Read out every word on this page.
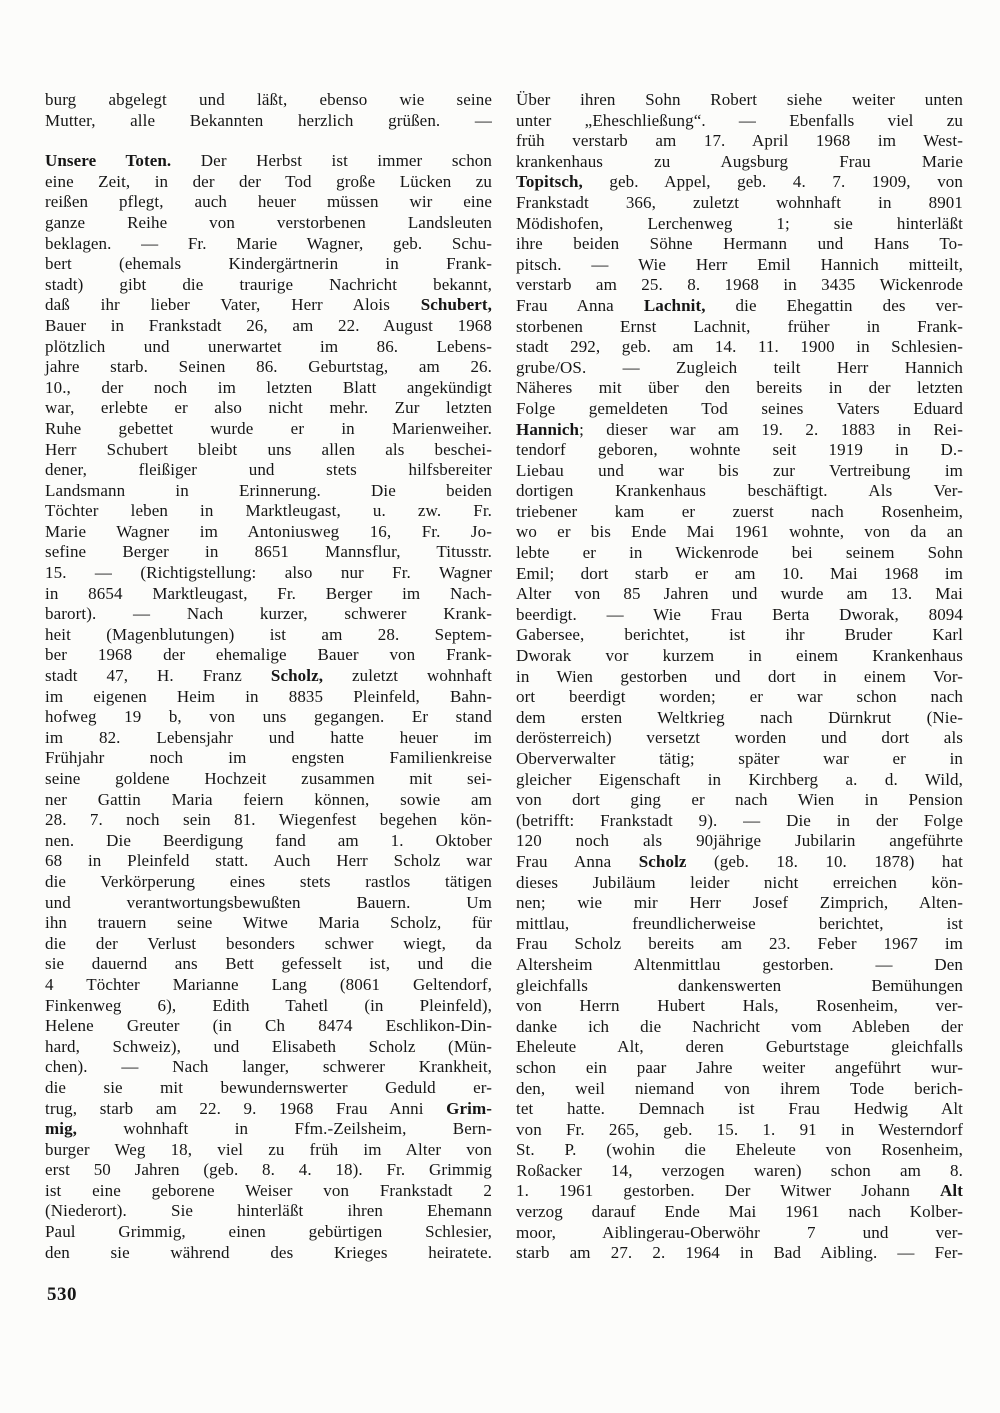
burg abgelegt und läßt, ebenso wie seine
Mutter, alle Bekannten herzlich grüßen. —
Unsere Toten. Der Herbst ist immer schon
eine Zeit, in der der Tod große Lücken zu
reißen pflegt, auch heuer müssen wir eine
ganze Reihe von verstorbenen Landsleuten
beklagen. — Fr. Marie Wagner, geb. Schu-
bert (ehemals Kindergärtnerin in Frank-
stadt) gibt die traurige Nachricht bekannt,
daß ihr lieber Vater, Herr Alois Schubert,
Bauer in Frankstadt 26, am 22. August 1968
plötzlich und unerwartet im 86. Lebens-
jahre starb. Seinen 86. Geburtstag, am 26.
10., der noch im letzten Blatt angekündigt
war, erlebte er also nicht mehr. Zur letzten
Ruhe gebettet wurde er in Marienweiher.
Herr Schubert bleibt uns allen als beschei-
dener, fleißiger und stets hilfsbereiter
Landsmann in Erinnerung. Die beiden
Töchter leben in Marktleugast, u. zw. Fr.
Marie Wagner im Antoniusweg 16, Fr. Jo-
sefine Berger in 8651 Mannsflur, Titusstr.
15. — (Richtigstellung: also nur Fr. Wagner
in 8654 Marktleugast, Fr. Berger im Nach-
barort). — Nach kurzer, schwerer Krank-
heit (Magenblutungen) ist am 28. Septem-
ber 1968 der ehemalige Bauer von Frank-
stadt 47, H. Franz Scholz, zuletzt wohnhaft
im eigenen Heim in 8835 Pleinfeld, Bahn-
hofweg 19 b, von uns gegangen. Er stand
im 82. Lebensjahr und hatte heuer im
Frühjahr noch im engsten Familienkreise
seine goldene Hochzeit zusammen mit sei-
ner Gattin Maria feiern können, sowie am
28. 7. noch sein 81. Wiegenfest begehen kön-
nen. Die Beerdigung fand am 1. Oktober
68 in Pleinfeld statt. Auch Herr Scholz war
die Verkörperung eines stets rastlos tätigen
und verantwortungsbewußten Bauern. Um
ihn trauern seine Witwe Maria Scholz, für
die der Verlust besonders schwer wiegt, da
sie dauernd ans Bett gefesselt ist, und die
4 Töchter Marianne Lang (8061 Geltendorf,
Finkenweg 6), Edith Tahetl (in Pleinfeld),
Helene Greuter (in Ch 8474 Eschlikon-Din-
hard, Schweiz), und Elisabeth Scholz (Mün-
chen). — Nach langer, schwerer Krankheit,
die sie mit bewundernswerter Geduld er-
trug, starb am 22. 9. 1968 Frau Anni Grim-
mig, wohnhaft in Ffm.-Zeilsheim, Bern-
burger Weg 18, viel zu früh im Alter von
erst 50 Jahren (geb. 8. 4. 18). Fr. Grimmig
ist eine geborene Weiser von Frankstadt 2
(Niederort). Sie hinterläßt ihren Ehemann
Paul Grimmig, einen gebürtigen Schlesier,
den sie während des Krieges heiratete.
Über ihren Sohn Robert siehe weiter unten
unter „Eheschließung“. — Ebenfalls viel zu
früh verstarb am 17. April 1968 im West-
krankenhaus zu Augsburg Frau Marie
Topitsch, geb. Appel, geb. 4. 7. 1909, von
Frankstadt 366, zuletzt wohnhaft in 8901
Mödishofen, Lerchenweg 1; sie hinterläßt
ihre beiden Söhne Hermann und Hans To-
pitsch. — Wie Herr Emil Hannich mitteilt,
verstarb am 25. 8. 1968 in 3435 Wickenrode
Frau Anna Lachnit, die Ehegattin des ver-
storbenen Ernst Lachnit, früher in Frank-
stadt 292, geb. am 14. 11. 1900 in Schlesien-
grube/OS. — Zugleich teilt Herr Hannich
Näheres mit über den bereits in der letzten
Folge gemeldeten Tod seines Vaters Eduard
Hannich; dieser war am 19. 2. 1883 in Rei-
tendorf geboren, wohnte seit 1919 in D.-
Liebau und war bis zur Vertreibung im
dortigen Krankenhaus beschäftigt. Als Ver-
triebener kam er zuerst nach Rosenheim,
wo er bis Ende Mai 1961 wohnte, von da an
lebte er in Wickenrode bei seinem Sohn
Emil; dort starb er am 10. Mai 1968 im
Alter von 85 Jahren und wurde am 13. Mai
beerdigt. — Wie Frau Berta Dworak, 8094
Gabersee, berichtet, ist ihr Bruder Karl
Dworak vor kurzem in einem Krankenhaus
in Wien gestorben und dort in einem Vor-
ort beerdigt worden; er war schon nach
dem ersten Weltkrieg nach Dürnkrut (Nie-
derösterreich) versetzt worden und dort als
Oberverwalter tätig; später war er in
gleicher Eigenschaft in Kirchberg a. d. Wild,
von dort ging er nach Wien in Pension
(betrifft: Frankstadt 9). — Die in der Folge
120 noch als 90jährige Jubilarin angeführte
Frau Anna Scholz (geb. 18. 10. 1878) hat
dieses Jubiläum leider nicht erreichen kön-
nen; wie mir Herr Josef Zimprich, Alten-
mittlau, freundlicherweise berichtet, ist
Frau Scholz bereits am 23. Feber 1967 im
Altersheim Altenmittlau gestorben. — Den
gleichfalls dankenswerten Bemühungen
von Herrn Hubert Hals, Rosenheim, ver-
danke ich die Nachricht vom Ableben der
Eheleute Alt, deren Geburtstage gleichfalls
schon ein paar Jahre weiter angeführt wur-
den, weil niemand von ihrem Tode berich-
tet hatte. Demnach ist Frau Hedwig Alt
von Fr. 265, geb. 15. 1. 91 in Westerndorf
St. P. (wohin die Eheleute von Rosenheim,
Roßacker 14, verzogen waren) schon am 8.
1. 1961 gestorben. Der Witwer Johann Alt
verzog darauf Ende Mai 1961 nach Kolber-
moor, Aiblingerau-Oberwöhr 7 und ver-
starb am 27. 2. 1964 in Bad Aibling. — Fer-
530
